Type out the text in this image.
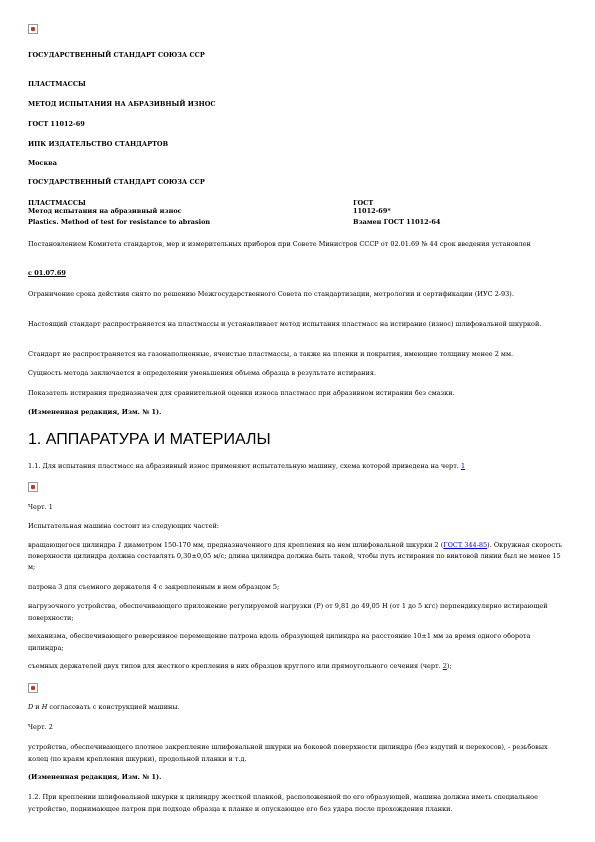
ГОСУДАРСТВЕННЫЙ СТАНДАРТ СОЮЗА ССР

ПЛАСТМАССЫ

МЕТОД ИСПЫТАНИЯ НА АБРАЗИВНЫЙ ИЗНОС

ГОСТ 11012-69

ИПК ИЗДАТЕЛЬСТВО СТАНДАРТОВ

Москва

ГОСУДАРСТВЕННЫЙ СТАНДАРТ СОЮЗА ССР

ПЛАСТМАССЫ

Метод испытания на абразивный износ

Plastics. Method of test for resistance to abrasion

ГОСТ

11012-69*

Взамен ГОСТ 11012-64

Постановлением Комитета стандартов, мер и измерительных приборов при Совете Министров СССР от 02.01.69 № 44 срок введения установлен

с 01.07.69

Ограничение срока действия снято по решению Межгосударственного Совета по стандартизации, метрологии и сертификации (ИУС 2-93).

Настоящий стандарт распространяется на пластмассы и устанавливает метод испытания пластмасс на истирание (износ) шлифовальной шкуркой.

Стандарт не распространяется на газонаполненные, ячеистые пластмассы, а также на пленки и покрытия, имеющие толщину менее 2 мм.

Сущность метода заключается в определении уменьшения объема образца в результате истирания.

Показатель истирания предназначен для сравнительной оценки износа пластмасс при абразивном истирании без смазки.

(Измененная редакция, Изм. № 1).

1. АППАРАТУРА И МАТЕРИАЛЫ

1.1. Для испытания пластмасс на абразивный износ применяют испытательную машину, схема которой приведена на черт. 1

Черт. 1

Испытательная машина состоит из следующих частей:

вращающегося цилиндра 1 диаметром 150-170 мм, предназначенного для крепления на нем шлифовальной шкурки 2 (ГОСТ 344-85). Окружная скорость поверхности цилиндра должна составлять 0,30±0,05 м/с; длина цилиндра должна быть такой, чтобы путь истирания по винтовой линии был не менее 15 м;

патрона 3 для съемного держателя 4 с закрепленным в нем образцом 5;

нагрузочного устройства, обеспечивающего приложение регулируемой нагрузки (P) от 9,81 до 49,05 Н (от 1 до 5 кгс) перпендикулярно истирающей поверхности;

механизма, обеспечивающего реверсивное перемещение патрона вдоль образующей цилиндра на расстояние 10±1 мм за время одного оборота цилиндра;

съемных держателей двух типов для жесткого крепления в них образцов круглого или прямоугольного сечения (черт. 2);

D и H согласовать с конструкцией машины.

Черт. 2

устройства, обеспечивающего плотное закрепление шлифовальной шкурки на боковой поверхности цилиндра (без вздутий и перекосов), - резьбовых колец (по краям крепления шкурки), продольной планки и т.д.

(Измененная редакция, Изм. № 1).

1.2. При креплении шлифовальной шкурки к цилиндру жесткой планкой, расположенной по его образующей, машина должна иметь специальное устройство, поднимающее патрон при подходе образца к планке и опускающее его без удара после прохождения планки.
